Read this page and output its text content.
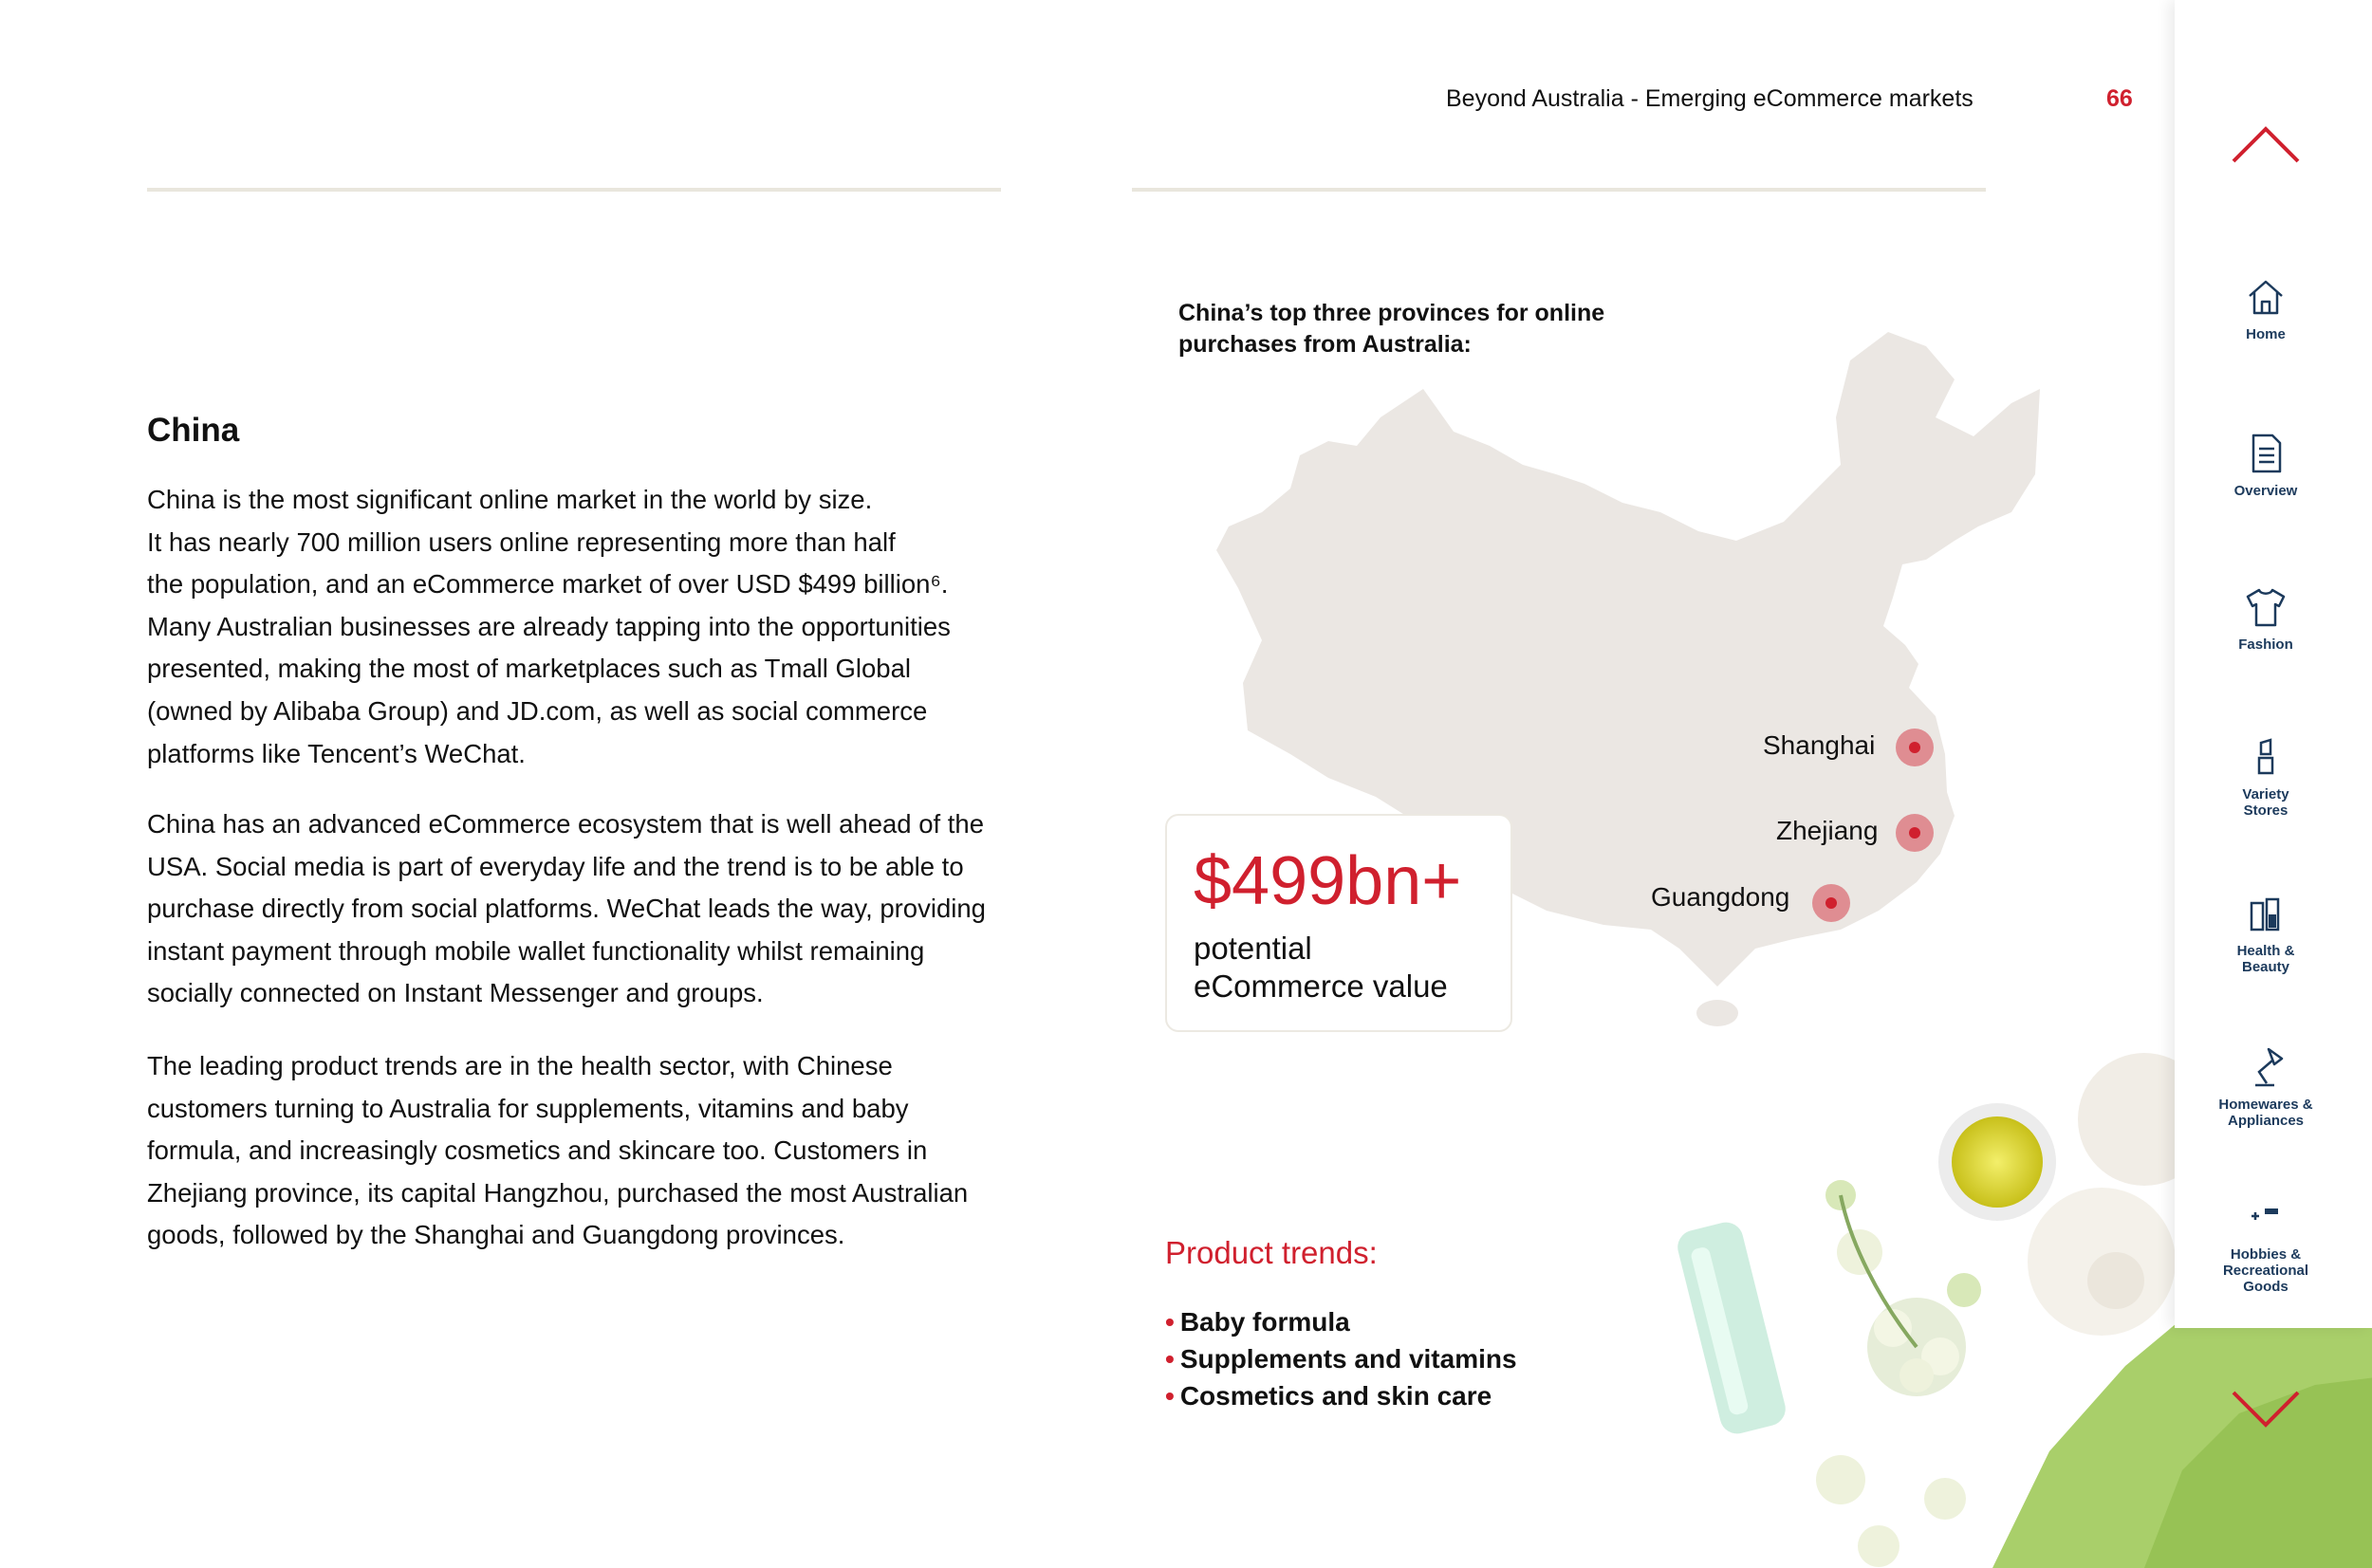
Beyond Australia - Emerging eCommerce markets	66
China
China is the most significant online market in the world by size.
It has nearly 700 million users online representing more than half
the population, and an eCommerce market of over USD $499 billion⁶.
Many Australian businesses are already tapping into the opportunities
presented, making the most of marketplaces such as Tmall Global
(owned by Alibaba Group) and JD.com, as well as social commerce
platforms like Tencent’s WeChat.
China has an advanced eCommerce ecosystem that is well ahead of the
USA. Social media is part of everyday life and the trend is to be able to
purchase directly from social platforms. WeChat leads the way, providing
instant payment through mobile wallet functionality whilst remaining
socially connected on Instant Messenger and groups.
The leading product trends are in the health sector, with Chinese
customers turning to Australia for supplements, vitamins and baby
formula, and increasingly cosmetics and skincare too. Customers in
Zhejiang province, its capital Hangzhou, purchased the most Australian
goods, followed by the Shanghai and Guangdong provinces.
China’s top three provinces for online
purchases from Australia:
Shanghai
Zhejiang
Guangdong
$499bn+
potential
eCommerce value
Product trends:
• Baby formula
• Supplements and vitamins
• Cosmetics and skin care
Home
Overview
Fashion
Variety
Stores
Health &
Beauty
Homewares &
Appliances
Hobbies &
Recreational
Goods
